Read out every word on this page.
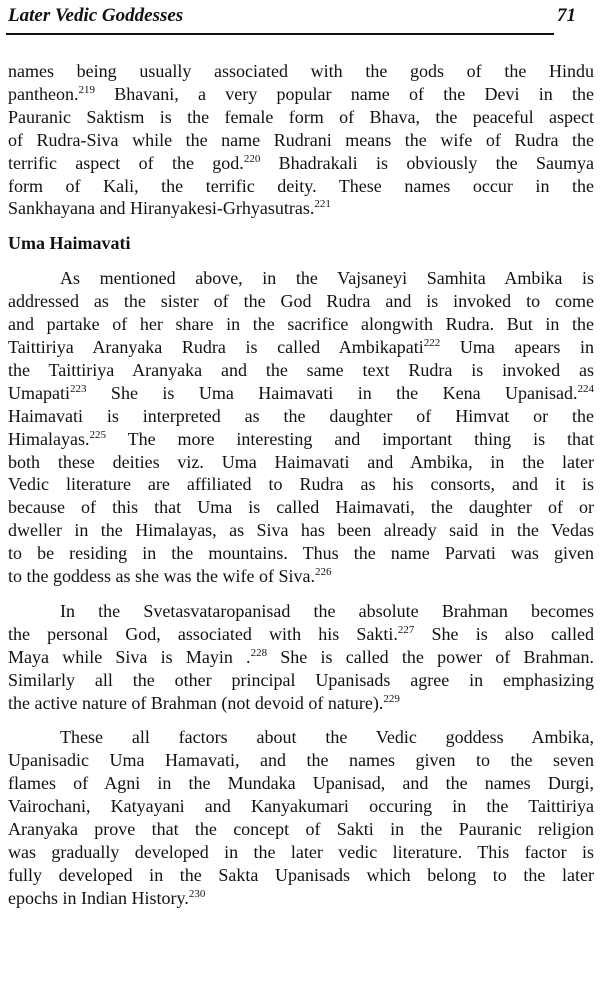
Later Vedic Goddesses	71

names being usually associated with the gods of the Hindu
pantheon.$^{219}$ Bhavani, a very popular name of the Devi in the
Pauranic Saktism is the female form of Bhava, the peaceful aspect
of Rudra-Siva while the name Rudrani means the wife of Rudra the
terrific aspect of the god.$^{220}$ Bhadrakali is obviously the Saumya
form of Kali, the terrific deity. These names occur in the
Sankhayana and Hiranyakesi-Grhyasutras.$^{221}$

Uma Haimavati

As mentioned above, in the Vajsaneyi Samhita Ambika is
addressed as the sister of the God Rudra and is invoked to come
and partake of her share in the sacrifice alongwith Rudra. But in the
Taittiriya Aranyaka Rudra is called Ambikapati$^{222}$ Uma apears in
the Taittiriya Aranyaka and the same text Rudra is invoked as
Umapati$^{223}$ She is Uma Haimavati in the Kena Upanisad.$^{224}$
Haimavati is interpreted as the daughter of Himvat or the
Himalayas.$^{225}$ The more interesting and important thing is that
both these deities viz. Uma Haimavati and Ambika, in the later
Vedic literature are affiliated to Rudra as his consorts, and it is
because of this that Uma is called Haimavati, the daughter of or
dweller in the Himalayas, as Siva has been already said in the Vedas
to be residing in the mountains. Thus the name Parvati was given
to the goddess as she was the wife of Siva.$^{226}$

In the Svetasvataropanisad the absolute Brahman becomes
the personal God, associated with his Sakti.$^{227}$ She is also called
Maya while Siva is Mayin .$^{228}$ She is called the power of Brahman.
Similarly all the other principal Upanisads agree in emphasizing
the active nature of Brahman (not devoid of nature).$^{229}$

These all factors about the Vedic goddess Ambika,
Upanisadic Uma Hamavati, and the names given to the seven
flames of Agni in the Mundaka Upanisad, and the names Durgi,
Vairochani, Katyayani and Kanyakumari occuring in the Taittiriya
Aranyaka prove that the concept of Sakti in the Pauranic religion
was gradually developed in the later vedic literature. This factor is
fully developed in the Sakta Upanisads which belong to the later
epochs in Indian History.$^{230}$
